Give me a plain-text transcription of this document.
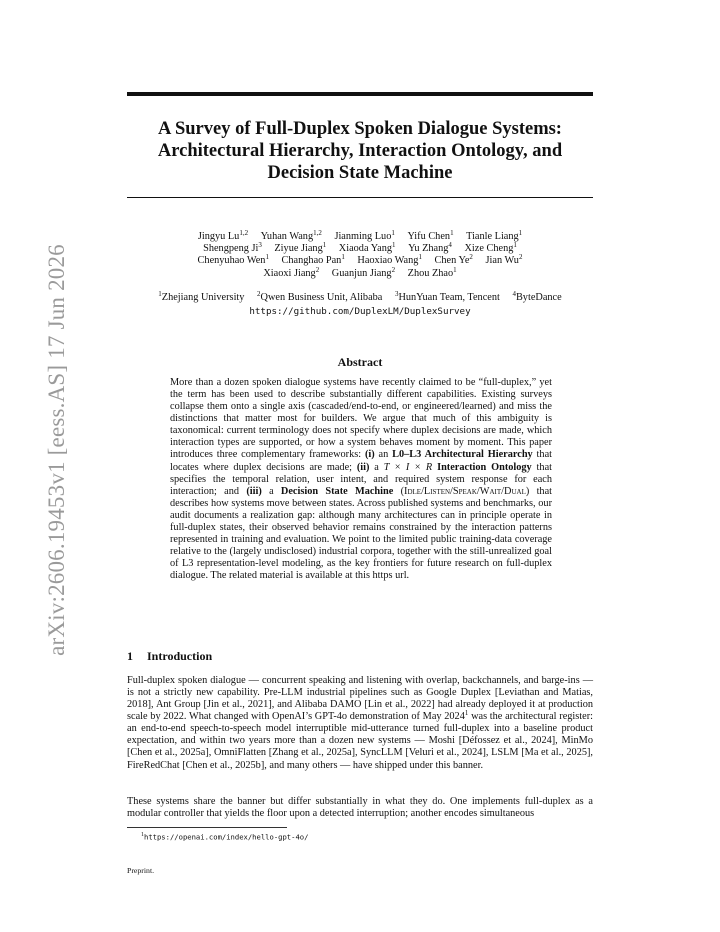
arXiv:2606.19453v1 [eess.AS] 17 Jun 2026
A Survey of Full-Duplex Spoken Dialogue Systems:
Architectural Hierarchy, Interaction Ontology, and
Decision State Machine
Jingyu Lu$^{1,2}$ Yuhan Wang$^{1,2}$ Jianming Luo$^1$ Yifu Chen$^1$ Tianle Liang$^1$
Shengpeng Ji$^3$ Ziyue Jiang$^1$ Xiaoda Yang$^1$ Yu Zhang$^4$ Xize Cheng$^1$
Chenyuhao Wen$^1$ Changhao Pan$^1$ Haoxiao Wang$^1$ Chen Ye$^2$ Jian Wu$^2$
Xiaoxi Jiang$^2$ Guanjun Jiang$^2$ Zhou Zhao$^1$
$^1$Zhejiang University $^2$Qwen Business Unit, Alibaba $^3$HunYuan Team, Tencent $^4$ByteDance
https://github.com/DuplexLM/DuplexSurvey
Abstract
More than a dozen spoken dialogue systems have recently claimed to be “full-duplex,” yet the term has been used to describe substantially different capabilities. Existing surveys collapse them onto a single axis (cascaded/end-to-end, or engineered/learned) and miss the distinctions that matter most for builders. We argue that much of this ambiguity is taxonomical: current terminology does not specify where duplex decisions are made, which interaction types are supported, or how a system behaves moment by moment. This paper introduces three complementary frameworks: (i) an L0–L3 Architectural Hierarchy that locates where duplex decisions are made; (ii) a T × I × R Interaction Ontology that specifies the temporal relation, user intent, and required system response for each interaction; and (iii) a Decision State Machine (Idle/Listen/Speak/Wait/Dual) that describes how systems move between states. Across published systems and benchmarks, our audit documents a realization gap: although many architectures can in principle operate in full-duplex states, their observed behavior remains constrained by the interaction patterns represented in training and evaluation. We point to the limited public training-data coverage relative to the (largely undisclosed) industrial corpora, together with the still-unrealized goal of L3 representation-level modeling, as the key frontiers for future research on full-duplex dialogue. The related material is available at this https url.
1 Introduction
Full-duplex spoken dialogue — concurrent speaking and listening with overlap, backchannels, and barge-ins — is not a strictly new capability. Pre-LLM industrial pipelines such as Google Duplex [Leviathan and Matias, 2018], Ant Group [Jin et al., 2021], and Alibaba DAMO [Lin et al., 2022] had already deployed it at production scale by 2022. What changed with OpenAI’s GPT-4o demonstration of May 2024$^1$ was the architectural register: an end-to-end speech-to-speech model interruptible mid-utterance turned full-duplex into a baseline product expectation, and within two years more than a dozen new systems — Moshi [Défossez et al., 2024], MinMo [Chen et al., 2025a], OmniFlatten [Zhang et al., 2025a], SyncLLM [Veluri et al., 2024], LSLM [Ma et al., 2025], FireRedChat [Chen et al., 2025b], and many others — have shipped under this banner.
These systems share the banner but differ substantially in what they do. One implements full-duplex as a modular controller that yields the floor upon a detected interruption; another encodes simultaneous
$^1$https://openai.com/index/hello-gpt-4o/
Preprint.
